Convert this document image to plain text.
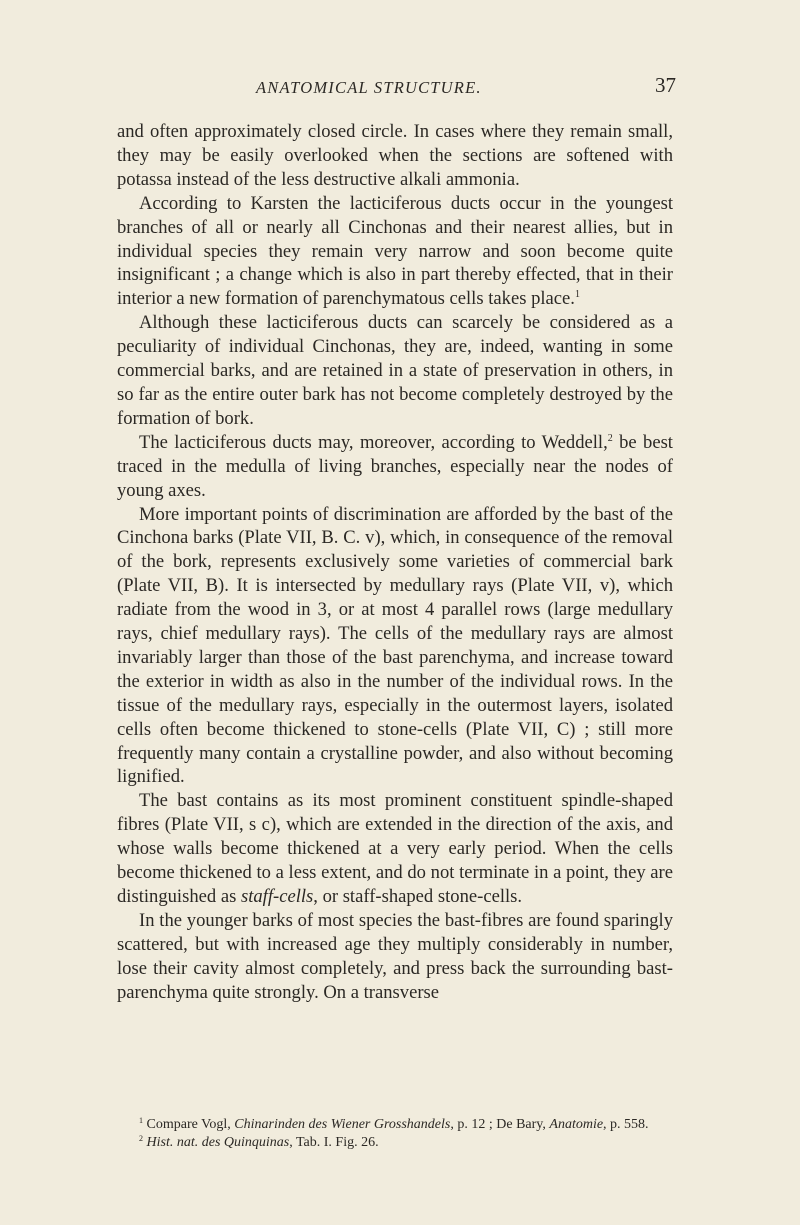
ANATOMICAL STRUCTURE.	37

and often approximately closed circle. In cases where they remain small, they may be easily overlooked when the sections are softened with potassa instead of the less destructive alkali ammonia.

According to Karsten the lacticiferous ducts occur in the youngest branches of all or nearly all Cinchonas and their nearest allies, but in individual species they remain very narrow and soon become quite insignificant ; a change which is also in part thereby effected, that in their interior a new formation of parenchymatous cells takes place.$^1$

Although these lacticiferous ducts can scarcely be considered as a peculiarity of individual Cinchonas, they are, indeed, wanting in some commercial barks, and are retained in a state of preservation in others, in so far as the entire outer bark has not become completely destroyed by the formation of bork.

The lacticiferous ducts may, moreover, according to Weddell,$^2$ be best traced in the medulla of living branches, especially near the nodes of young axes.

More important points of discrimination are afforded by the bast of the Cinchona barks (Plate VII, B. C. v), which, in consequence of the removal of the bork, represents exclusively some varieties of commercial bark (Plate VII, B). It is intersected by medullary rays (Plate VII, v), which radiate from the wood in 3, or at most 4 parallel rows (large medullary rays, chief medullary rays). The cells of the medullary rays are almost invariably larger than those of the bast parenchyma, and increase toward the exterior in width as also in the number of the individual rows. In the tissue of the medullary rays, especially in the outermost layers, isolated cells often become thickened to stone-cells (Plate VII, C) ; still more frequently many contain a crystalline powder, and also without becoming lignified.

The bast contains as its most prominent constituent spindle-shaped fibres (Plate VII, s c), which are extended in the direction of the axis, and whose walls become thickened at a very early period. When the cells become thickened to a less extent, and do not terminate in a point, they are distinguished as staff-cells, or staff-shaped stone-cells.

In the younger barks of most species the bast-fibres are found sparingly scattered, but with increased age they multiply considerably in number, lose their cavity almost completely, and press back the surrounding bast-parenchyma quite strongly. On a transverse

$^1$ Compare Vogl, Chinarinden des Wiener Grosshandels, p. 12 ; De Bary, Anatomie, p. 558.

$^2$ Hist. nat. des Quinquinas, Tab. I. Fig. 26.
